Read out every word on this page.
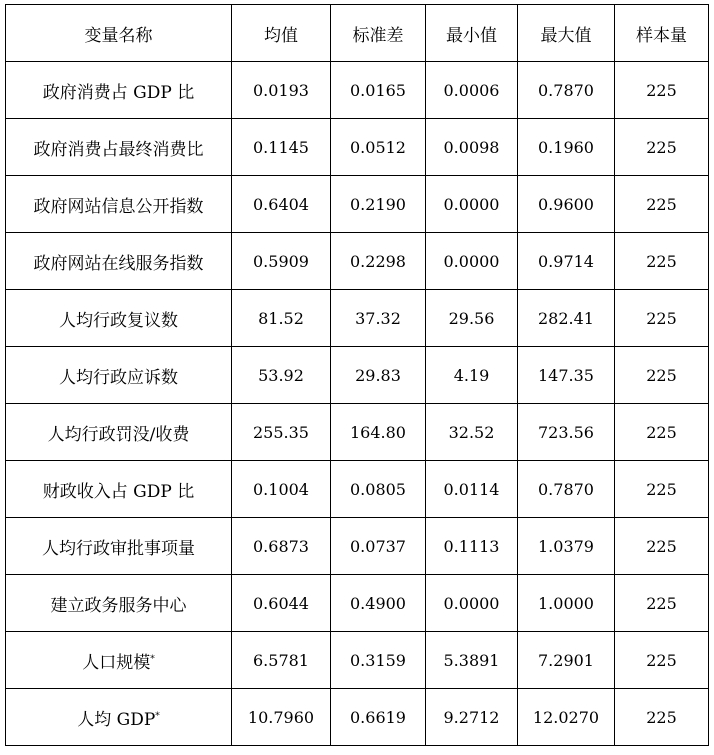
变量名称	均值	标准差	最小值	最大值	样本量
政府消费占 GDP 比	0.0193	0.0165	0.0006	0.7870	225
政府消费占最终消费比	0.1145	0.0512	0.0098	0.1960	225
政府网站信息公开指数	0.6404	0.2190	0.0000	0.9600	225
政府网站在线服务指数	0.5909	0.2298	0.0000	0.9714	225
人均行政复议数	81.52	37.32	29.56	282.41	225
人均行政应诉数	53.92	29.83	4.19	147.35	225
人均行政罚没/收费	255.35	164.80	32.52	723.56	225
财政收入占 GDP 比	0.1004	0.0805	0.0114	0.7870	225
人均行政审批事项量	0.6873	0.0737	0.1113	1.0379	225
建立政务服务中心	0.6044	0.4900	0.0000	1.0000	225
人口规模*	6.5781	0.3159	5.3891	7.2901	225
人均 GDP*	10.7960	0.6619	9.2712	12.0270	225
